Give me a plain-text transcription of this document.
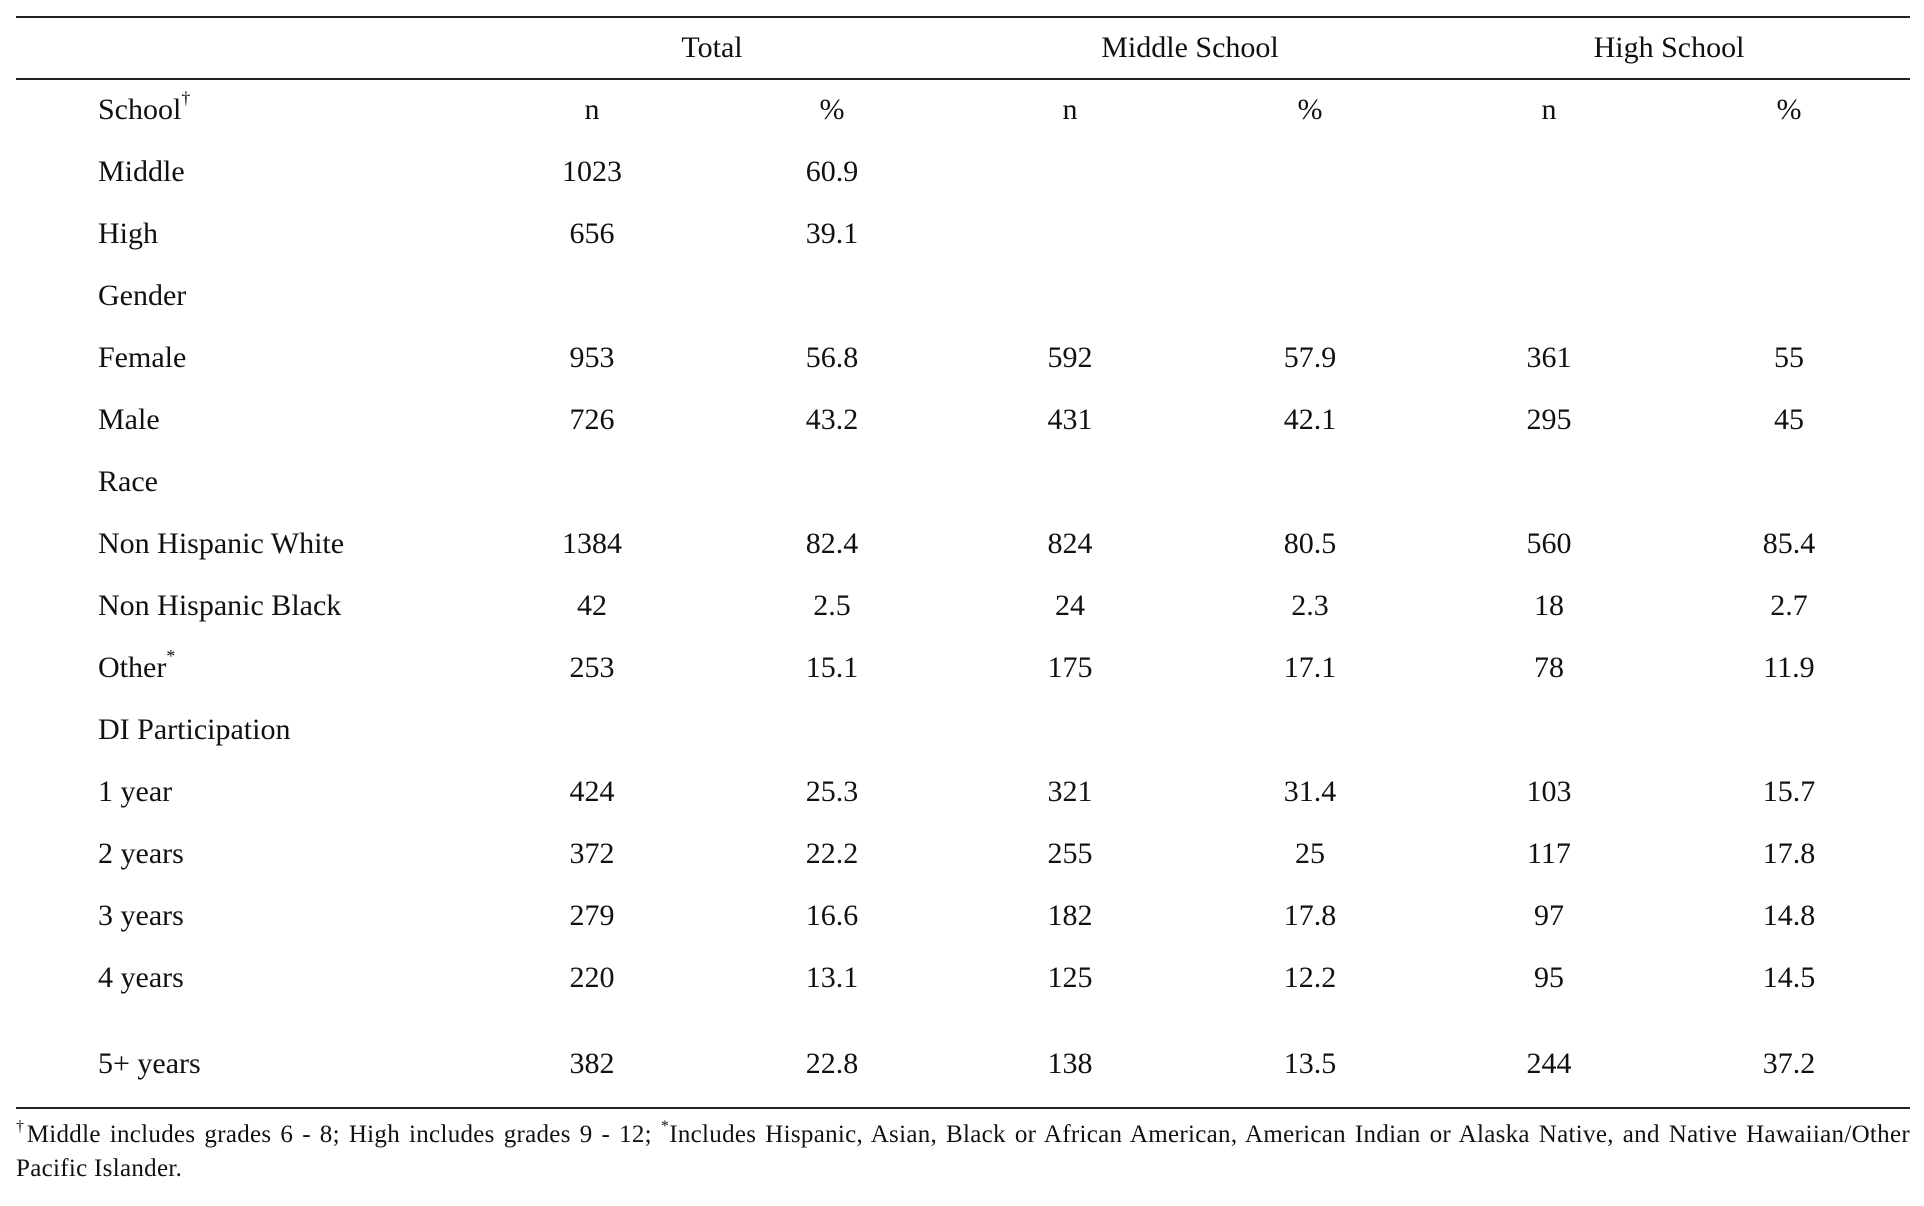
Total	Middle School	High School
School†	n	%	n	%	n	%
Middle	1023	60.9
High	656	39.1
Gender
Female	953	56.8	592	57.9	361	55
Male	726	43.2	431	42.1	295	45
Race
Non Hispanic White	1384	82.4	824	80.5	560	85.4
Non Hispanic Black	42	2.5	24	2.3	18	2.7
Other*	253	15.1	175	17.1	78	11.9
DI Participation
1 year	424	25.3	321	31.4	103	15.7
2 years	372	22.2	255	25	117	17.8
3 years	279	16.6	182	17.8	97	14.8
4 years	220	13.1	125	12.2	95	14.5
5+ years	382	22.8	138	13.5	244	37.2
†Middle includes grades 6 - 8; High includes grades 9 - 12; *Includes Hispanic, Asian, Black or African American, American Indian or Alaska Native, and Native Hawaiian/Other Pacific Islander.
